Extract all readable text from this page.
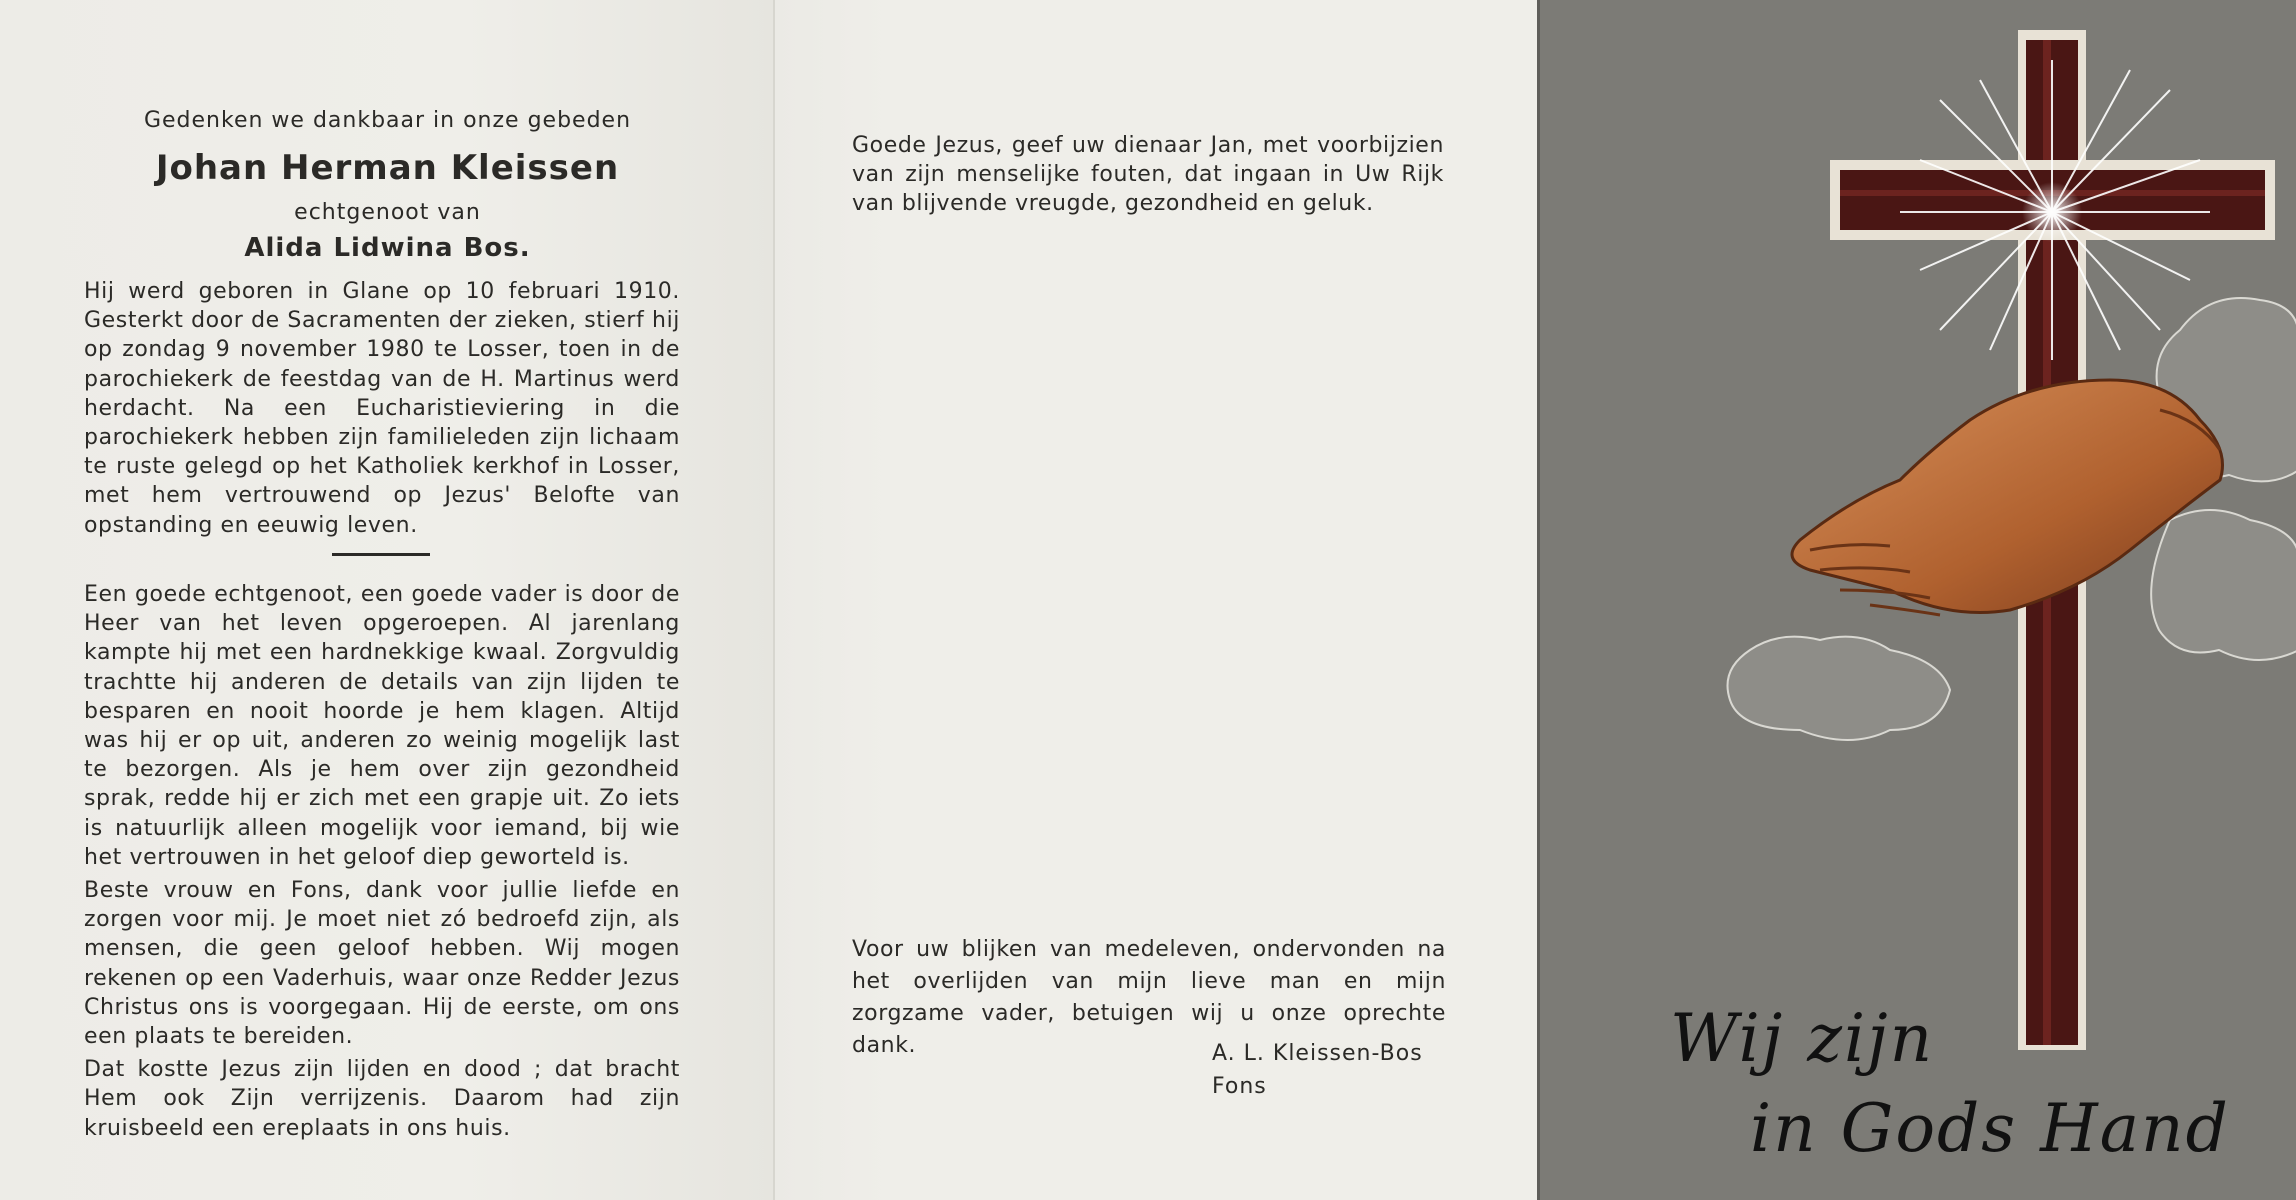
Gedenken we dankbaar in onze gebeden

Johan Herman Kleissen

echtgenoot van

Alida Lidwina Bos.

Hij werd geboren in Glane op 10 februari 1910. Gesterkt door de Sacramenten der zieken, stierf hij op zondag 9 november 1980 te Losser, toen in de parochiekerk de feestdag van de H. Martinus werd herdacht. Na een Eucharistieviering in die parochiekerk hebben zijn familieleden zijn lichaam te ruste gelegd op het Katholiek kerkhof in Losser, met hem vertrouwend op Jezus' Belofte van opstanding en eeuwig leven.

Een goede echtgenoot, een goede vader is door de Heer van het leven opgeroepen. Al jarenlang kampte hij met een hardnekkige kwaal. Zorgvuldig trachtte hij anderen de details van zijn lijden te besparen en nooit hoorde je hem klagen. Altijd was hij er op uit, anderen zo weinig mogelijk last te bezorgen. Als je hem over zijn gezondheid sprak, redde hij er zich met een grapje uit. Zo iets is natuurlijk alleen mogelijk voor iemand, bij wie het vertrouwen in het geloof diep geworteld is.

Beste vrouw en Fons, dank voor jullie liefde en zorgen voor mij. Je moet niet zó bedroefd zijn, als mensen, die geen geloof hebben. Wij mogen rekenen op een Vaderhuis, waar onze Redder Jezus Christus ons is voorgegaan. Hij de eerste, om ons een plaats te bereiden.

Dat kostte Jezus zijn lijden en dood ; dat bracht Hem ook Zijn verrijzenis. Daarom had zijn kruisbeeld een ereplaats in ons huis.

Goede Jezus, geef uw dienaar Jan, met voorbijzien van zijn menselijke fouten, dat ingaan in Uw Rijk van blijvende vreugde, gezondheid en geluk.

Voor uw blijken van medeleven, ondervonden na het overlijden van mijn lieve man en mijn zorgzame vader, betuigen wij u onze oprechte dank.	A. L. Kleissen-Bos

Fons

Wij zijn

in Gods Hand
